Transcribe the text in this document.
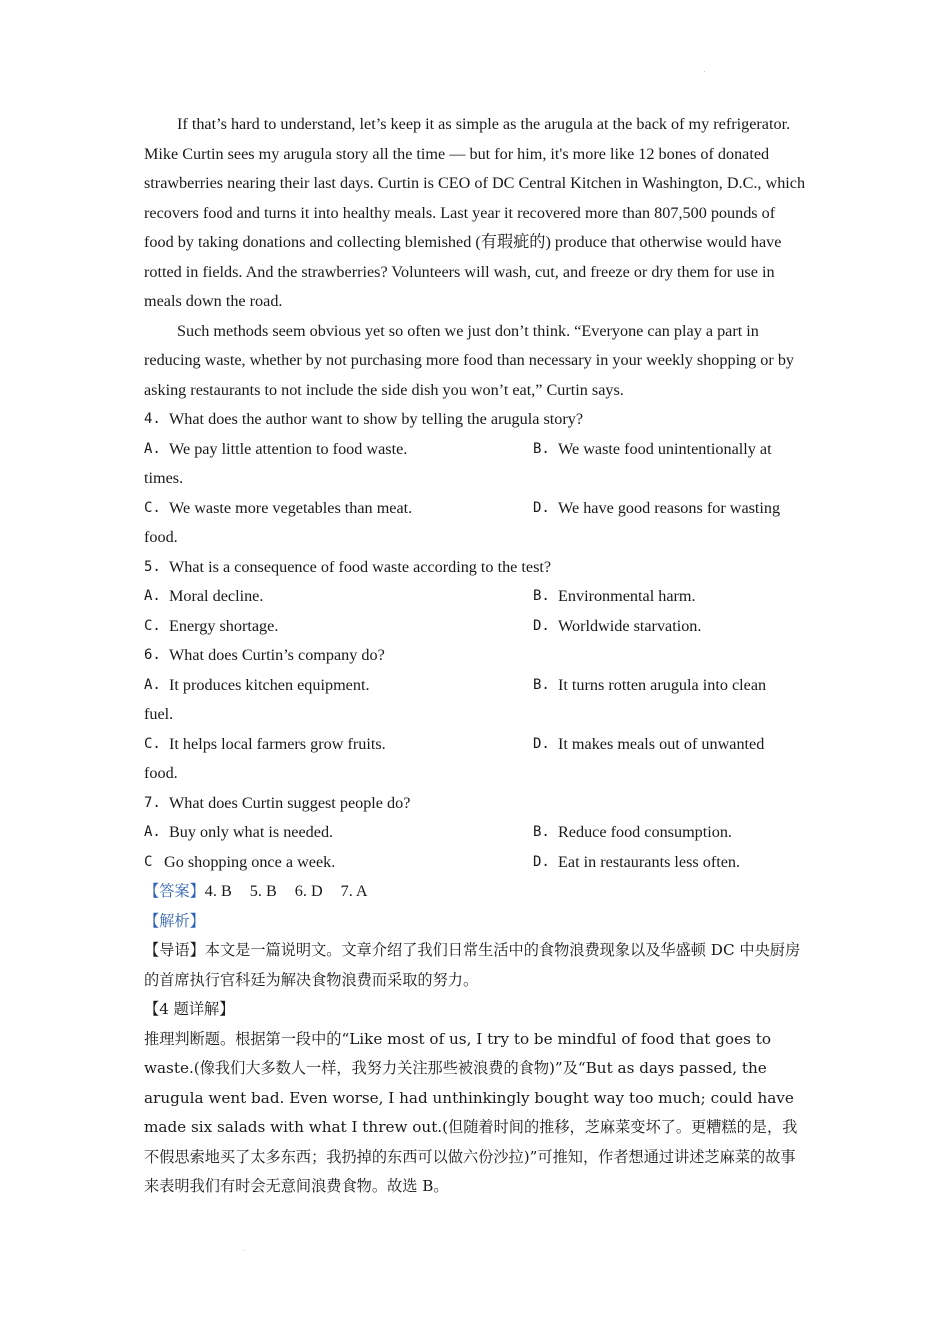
If that’s hard to understand, let’s keep it as simple as the arugula at the back of my refrigerator. Mike Curtin sees my arugula story all the time — but for him, it's more like 12 bones of donated strawberries nearing their last days. Curtin is CEO of DC Central Kitchen in Washington, D.C., which recovers food and turns it into healthy meals. Last year it recovered more than 807,500 pounds of food by taking donations and collecting blemished (有瑕疵的) produce that otherwise would have rotted in fields. And the strawberries? Volunteers will wash, cut, and freeze or dry them for use in meals down the road.

Such methods seem obvious yet so often we just don’t think. “Everyone can play a part in reducing waste, whether by not purchasing more food than necessary in your weekly shopping or by asking restaurants to not include the side dish you won’t eat,” Curtin says.

4. What does the author want to show by telling the arugula story?

A. We pay little attention to food waste.	B. We waste food unintentionally at

times.

C. We waste more vegetables than meat.	D. We have good reasons for wasting

food.

5. What is a consequence of food waste according to the test?

A. Moral decline.	B. Environmental harm.
C. Energy shortage.	D. Worldwide starvation.

6. What does Curtin’s company do?

A. It produces kitchen equipment.	B. It turns rotten arugula into clean

fuel.

C. It helps local farmers grow fruits.	D. It makes meals out of unwanted

food.

7. What does Curtin suggest people do?

A. Buy only what is needed.	B. Reduce food consumption.
C Go shopping once a week.	D. Eat in restaurants less often.

【答案】4. B 5. B 6. D 7. A

【解析】

【导语】本文是一篇说明文。文章介绍了我们日常生活中的食物浪费现象以及华盛顿 DC 中央厨房的首席执行官科廷为解决食物浪费而采取的努力。

【4 题详解】

推理判断题。根据第一段中的“Like most of us, I try to be mindful of food that goes to waste.(像我们大多数人一样，我努力关注那些被浪费的食物)”及“But as days passed, the arugula went bad. Even worse, I had unthinkingly bought way too much; could have made six salads with what I threw out.(但随着时间的推移，芝麻菜变坏了。更糟糕的是，我不假思索地买了太多东西；我扔掉的东西可以做六份沙拉)”可推知，作者想通过讲述芝麻菜的故事来表明我们有时会无意间浪费食物。故选 B。
